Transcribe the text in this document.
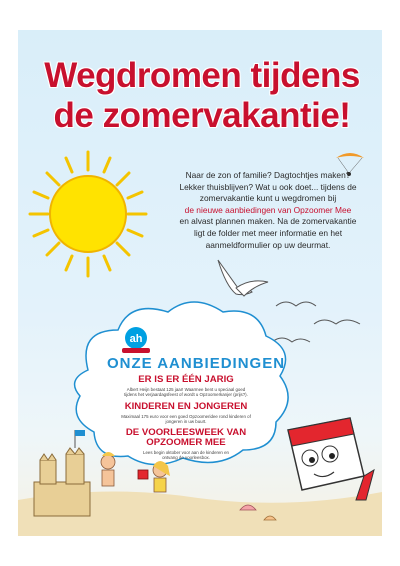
ah
Wegdromen tijdens
de zomervakantie!
Naar de zon of familie? Dagtochtjes maken?
Lekker thuisblijven? Wat u ook doet... tijdens de
zomervakantie kunt u wegdromen bij
de nieuwe aanbiedingen van Opzoomer Mee
en alvast plannen maken. Na de zomervakantie
ligt de folder met meer informatie en het
aanmeldformulier op uw deurmat.
ONZE AANBIEDINGEN
ER IS ER ÉÉN JARIG
Albert Heijn bestaat 125 jaar! Waarmee bent u speciaal goed
tijdens het verjaardagsfeest of wordt u Opzoomerkanjer (prijs?).
KINDEREN EN JONGEREN
Maximaal 175 euro voor een goed Opzoomeridee rond kinderen of
jongeren in uw buurt.
DE VOORLEESWEEK VAN
OPZOOMER MEE
Lees begin oktober voor aan de kinderen en
ontvang de voorleesbox.
